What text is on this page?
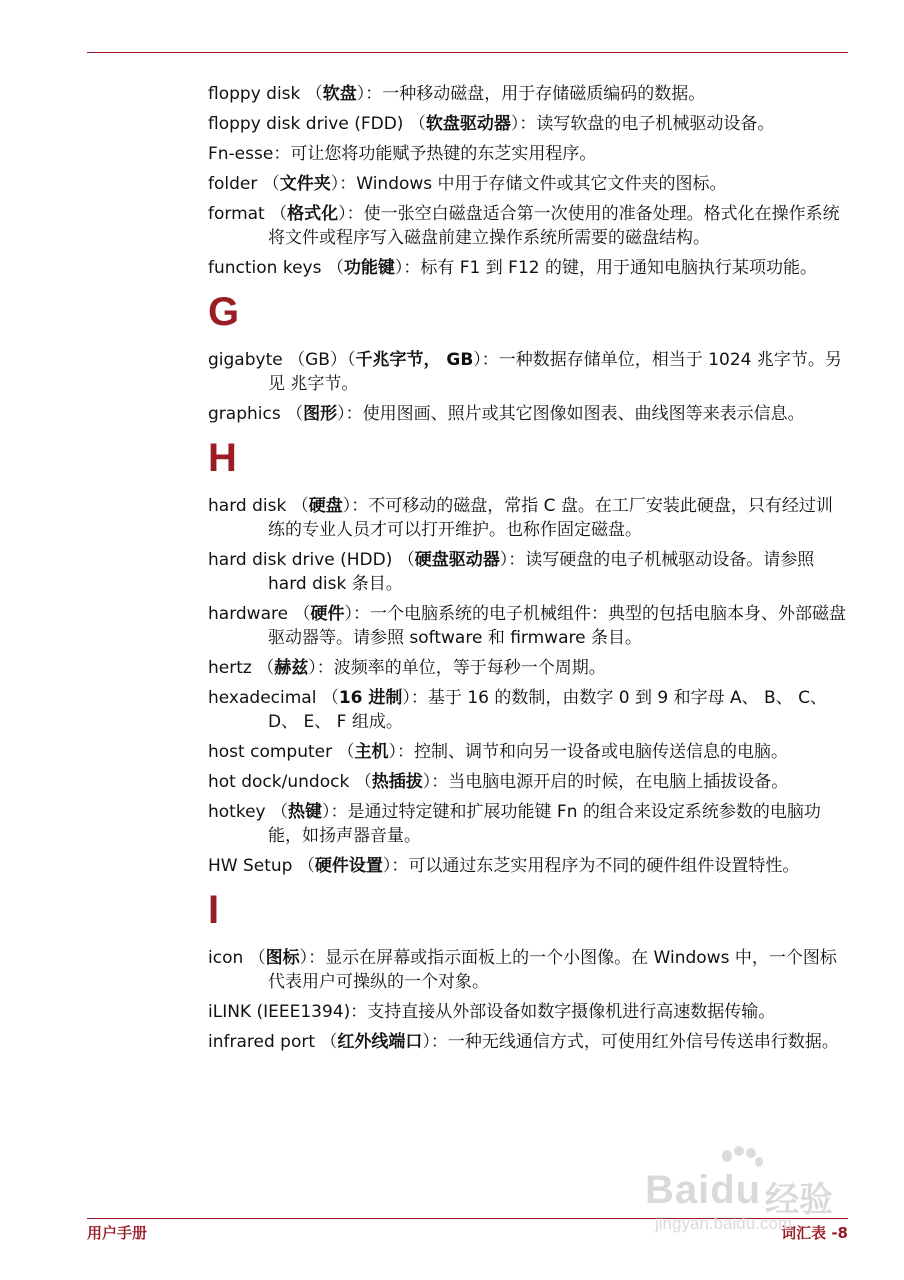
floppy disk （软盘）：一种移动磁盘，用于存储磁质编码的数据。
floppy disk drive (FDD) （软盘驱动器）：读写软盘的电子机械驱动设备。
Fn-esse：可让您将功能赋予热键的东芝实用程序。
folder （文件夹）：Windows 中用于存储文件或其它文件夹的图标。
format （格式化）：使一张空白磁盘适合第一次使用的准备处理。格式化在操作系统将文件或程序写入磁盘前建立操作系统所需要的磁盘结构。
function keys （功能键）：标有 F1 到 F12 的键，用于通知电脑执行某项功能。
G
gigabyte （GB）（千兆字节， GB）：一种数据存储单位，相当于 1024 兆字节。另见 兆字节。
graphics （图形）：使用图画、照片或其它图像如图表、曲线图等来表示信息。
H
hard disk （硬盘）：不可移动的磁盘，常指 C 盘。在工厂安装此硬盘，只有经过训练的专业人员才可以打开维护。也称作固定磁盘。
hard disk drive (HDD) （硬盘驱动器）：读写硬盘的电子机械驱动设备。请参照 hard disk 条目。
hardware （硬件）：一个电脑系统的电子机械组件：典型的包括电脑本身、外部磁盘驱动器等。请参照 software 和 firmware 条目。
hertz （赫兹）：波频率的单位，等于每秒一个周期。
hexadecimal （16 进制）：基于 16 的数制，由数字 0 到 9 和字母 A、 B、 C、 D、 E、 F 组成。
host computer （主机）：控制、调节和向另一设备或电脑传送信息的电脑。
hot dock/undock （热插拔）：当电脑电源开启的时候，在电脑上插拔设备。
hotkey （热键）：是通过特定键和扩展功能键 Fn 的组合来设定系统参数的电脑功能，如扬声器音量。
HW Setup （硬件设置）：可以通过东芝实用程序为不同的硬件组件设置特性。
I
icon （图标）：显示在屏幕或指示面板上的一个小图像。在 Windows 中，一个图标代表用户可操纵的一个对象。
iLINK (IEEE1394)：支持直接从外部设备如数字摄像机进行高速数据传输。
infrared port （红外线端口）：一种无线通信方式，可使用红外信号传送串行数据。
用户手册	词汇表 -8
Baidu 经验
jingyan.baidu.com
